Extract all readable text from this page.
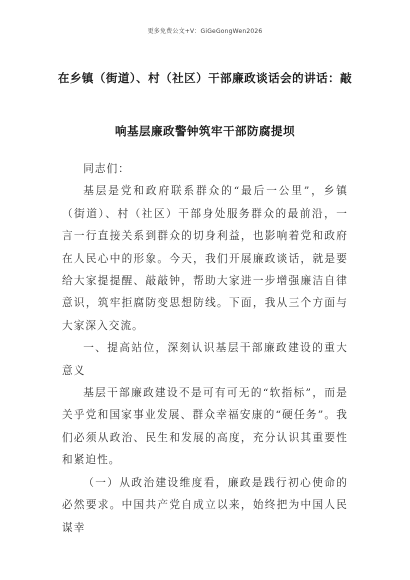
更多免费公文+V：GiGeGongWen2026
在乡镇（街道）、村（社区）干部廉政谈话会的讲话：敲
响基层廉政警钟筑牢干部防腐提坝

同志们：

基层是党和政府联系群众的“最后一公里”，乡镇（街道）、村（社区）干部身处服务群众的最前沿，一言一行直接关系到群众的切身利益，也影响着党和政府在人民心中的形象。今天，我们开展廉政谈话，就是要给大家提提醒、敲敲钟，帮助大家进一步增强廉洁自律意识，筑牢拒腐防变思想防线。下面，我从三个方面与大家深入交流。

一、提高站位，深刻认识基层干部廉政建设的重大意义

基层干部廉政建设不是可有可无的“软指标”，而是关乎党和国家事业发展、群众幸福安康的“硬任务”。我们必须从政治、民生和发展的高度，充分认识其重要性和紧迫性。

（一）从政治建设维度看，廉政是践行初心使命的必然要求。中国共产党自成立以来，始终把为中国人民谋幸
